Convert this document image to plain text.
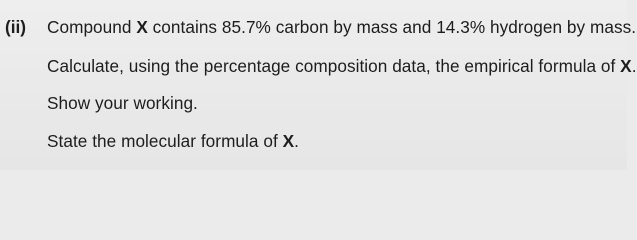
(ii) Compound X contains 85.7% carbon by mass and 14.3% hydrogen by mass.
Calculate, using the percentage composition data, the empirical formula of X.
Show your working.
State the molecular formula of X.
